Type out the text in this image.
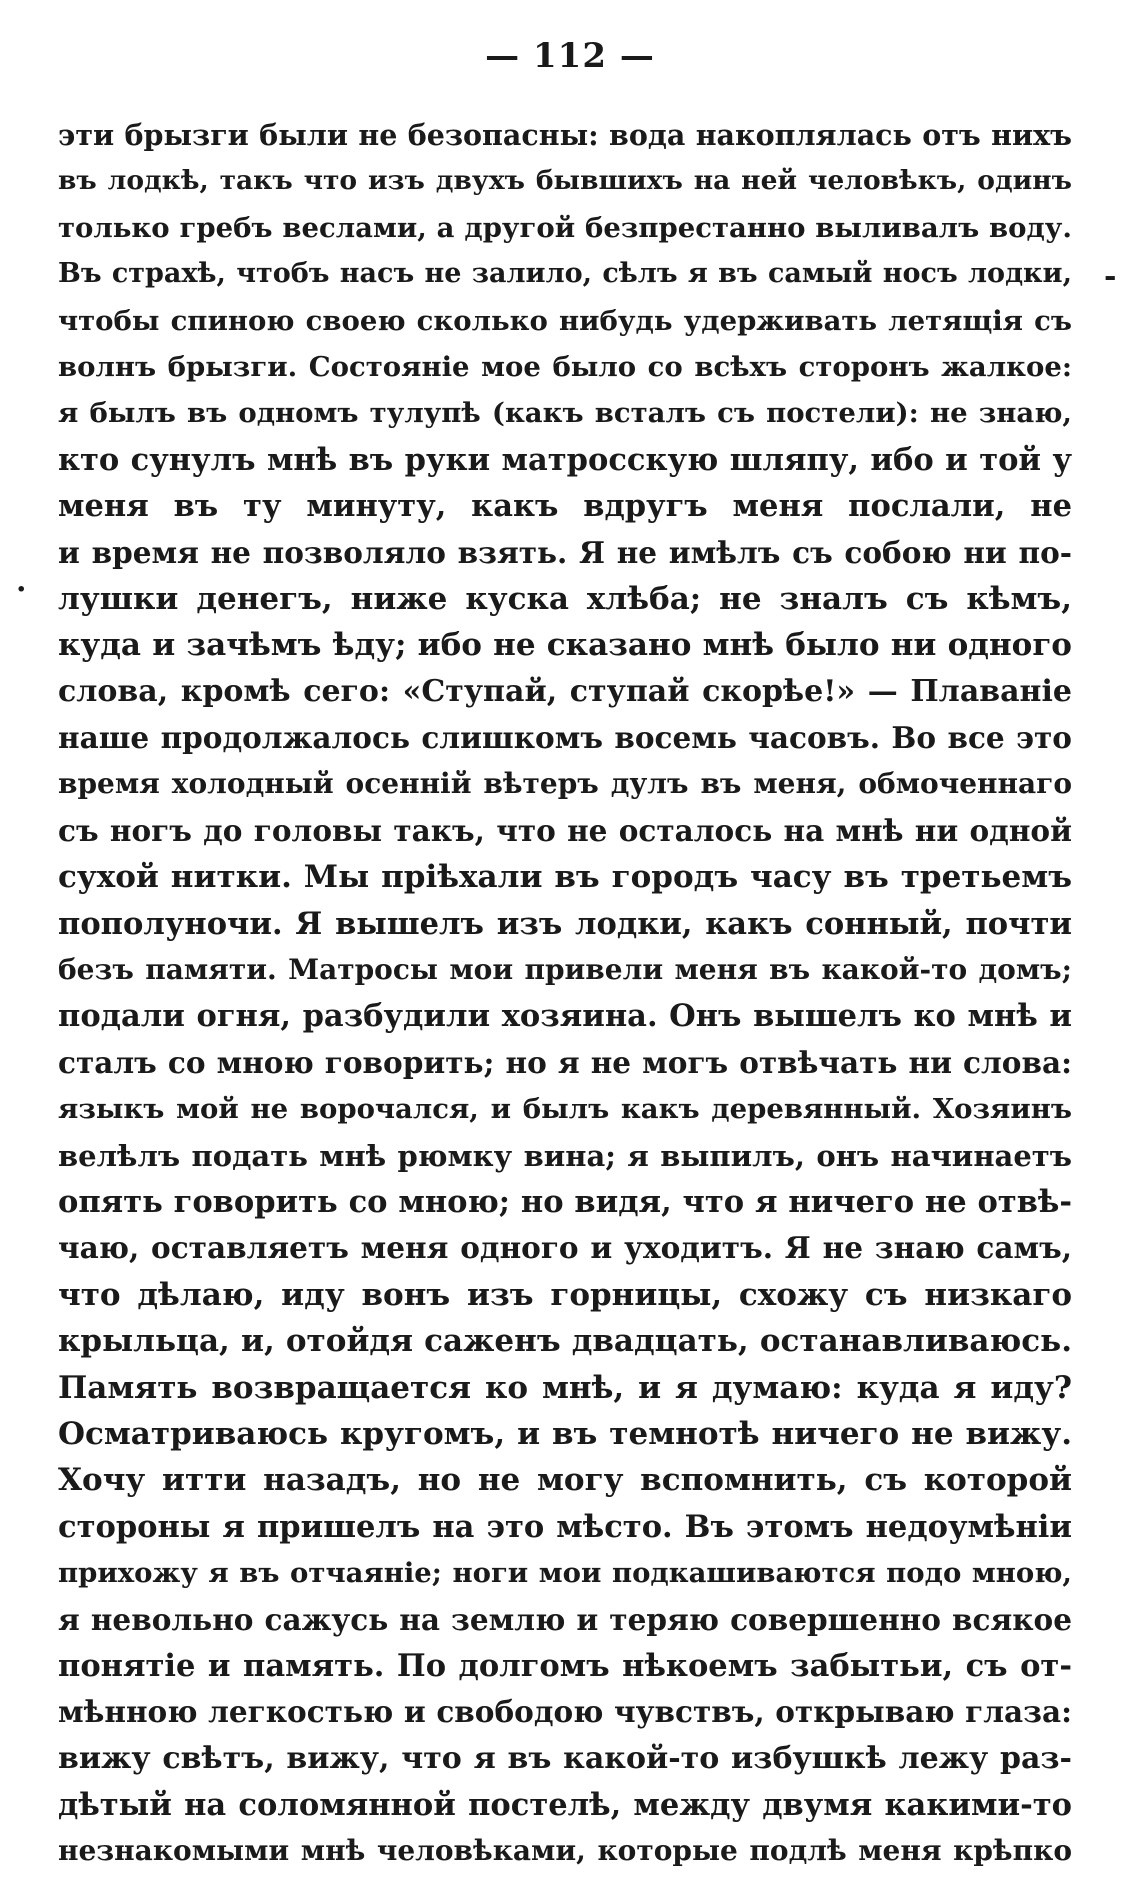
— 112 —
-
·
эти брызги были не безопасны: вода накоплялась отъ нихъ
въ лодкѣ, такъ что изъ двухъ бывшихъ на ней человѣкъ, одинъ
только гребъ веслами, а другой безпрестанно выливалъ воду.
Въ страхѣ, чтобъ насъ не залило, сѣлъ я въ самый носъ лодки,
чтобы спиною своею сколько нибудь удерживать летящія съ
волнъ брызги. Состояніе мое было со всѣхъ сторонъ жалкое:
я былъ въ одномъ тулупѣ (какъ всталъ съ постели): не знаю,
кто сунулъ мнѣ въ руки матросскую шляпу, ибо и той у
меня въ ту минуту, какъ вдругъ меня послали, не
и время не позволяло взять. Я не имѣлъ съ собою ни по-
лушки денегъ, ниже куска хлѣба; не зналъ съ кѣмъ,
куда и зачѣмъ ѣду; ибо не сказано мнѣ было ни одного
слова, кромѣ сего: «Ступай, ступай скорѣе!» — Плаваніе
наше продолжалось слишкомъ восемь часовъ. Во все это
время холодный осенній вѣтеръ дулъ въ меня, обмоченнаго
съ ногъ до головы такъ, что не осталось на мнѣ ни одной
сухой нитки. Мы пріѣхали въ городъ часу въ третьемъ
пополуночи. Я вышелъ изъ лодки, какъ сонный, почти
безъ памяти. Матросы мои привели меня въ какой-то домъ;
подали огня, разбудили хозяина. Онъ вышелъ ко мнѣ и
сталъ со мною говорить; но я не могъ отвѣчать ни слова:
языкъ мой не ворочался, и былъ какъ деревянный. Хозяинъ
велѣлъ подать мнѣ рюмку вина; я выпилъ, онъ начинаетъ
опять говорить со мною; но видя, что я ничего не отвѣ-
чаю, оставляетъ меня одного и уходитъ. Я не знаю самъ,
что дѣлаю, иду вонъ изъ горницы, схожу съ низкаго
крыльца, и, отойдя саженъ двадцать, останавливаюсь.
Память возвращается ко мнѣ, и я думаю: куда я иду?
Осматриваюсь кругомъ, и въ темнотѣ ничего не вижу.
Хочу итти назадъ, но не могу вспомнить, съ которой
стороны я пришелъ на это мѣсто. Въ этомъ недоумѣніи
прихожу я въ отчаяніе; ноги мои подкашиваются подо мною,
я невольно сажусь на землю и теряю совершенно всякое
понятіе и память. По долгомъ нѣкоемъ забытьи, съ от-
мѣнною легкостью и свободою чувствъ, открываю глаза:
вижу свѣтъ, вижу, что я въ какой-то избушкѣ лежу раз-
дѣтый на соломянной постелѣ, между двумя какими-то
незнакомыми мнѣ человѣками, которые подлѣ меня крѣпко
